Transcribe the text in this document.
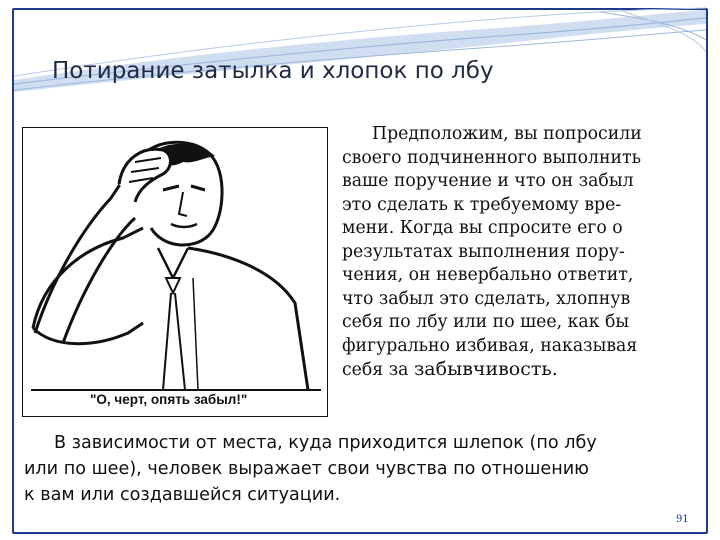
Потирание затылка и хлопок по лбу
"О, черт, опять забыл!"
Предположим, вы попросили
своего подчиненного выполнить
ваше поручение и что он забыл
это сделать к требуемому вре-
мени. Когда вы спросите его о
результатах выполнения пору-
чения, он невербально ответит,
что забыл это сделать, хлопнув
себя по лбу или по шее, как бы
фигурально избивая, наказывая
себя за забывчивость.
В зависимости от места, куда приходится шлепок (по лбу
или по шее), человек выражает свои чувства по отношению
к вам или создавшейся ситуации.
91
